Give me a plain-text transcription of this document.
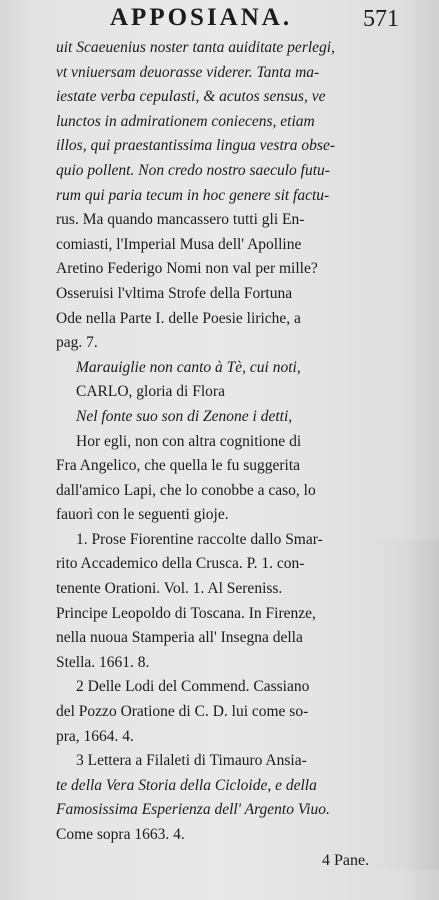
APPOSIANA.	571
uit Scaeuenius noster tanta auiditate perlegi,
vt vniuersam deuorasse viderer. Tanta ma-
iestate verba cepulasti, & acutos sensus, ve
lunctos in admirationem coniecens, etiam
illos, qui praestantissima lingua vestra obse-
quio pollent. Non credo nostro saeculo futu-
rum qui paria tecum in hoc genere sit factu-
rus. Ma quando mancassero tutti gli En-
comiasti, l'Imperial Musa dell' Apolline
Aretino Federigo Nomi non val per mille?
Osseruisi l'vltima Strofe della Fortuna
Ode nella Parte I. delle Poesie liriche, a
pag. 7.
Marauiglie non canto à Tè, cui noti,
CARLO, gloria di Flora
Nel fonte suo son di Zenone i detti,
Hor egli, non con altra cognitione di
Fra Angelico, che quella le fu suggerita
dall'amico Lapi, che lo conobbe a caso, lo
fauorì con le seguenti gioje.
1. Prose Fiorentine raccolte dallo Smar-
rito Accademico della Crusca. P. 1. con-
tenente Orationi. Vol. 1. Al Sereniss.
Principe Leopoldo di Toscana. In Firenze,
nella nuoua Stamperia all' Insegna della
Stella. 1661. 8.
2 Delle Lodi del Commend. Cassiano
del Pozzo Oratione di C. D. lui come so-
pra, 1664. 4.
3 Lettera a Filaleti di Timauro Ansia-
te della Vera Storia della Cicloide, e della
Famosissima Esperienza dell' Argento Viuo.
Come sopra 1663. 4.
4 Pane.
